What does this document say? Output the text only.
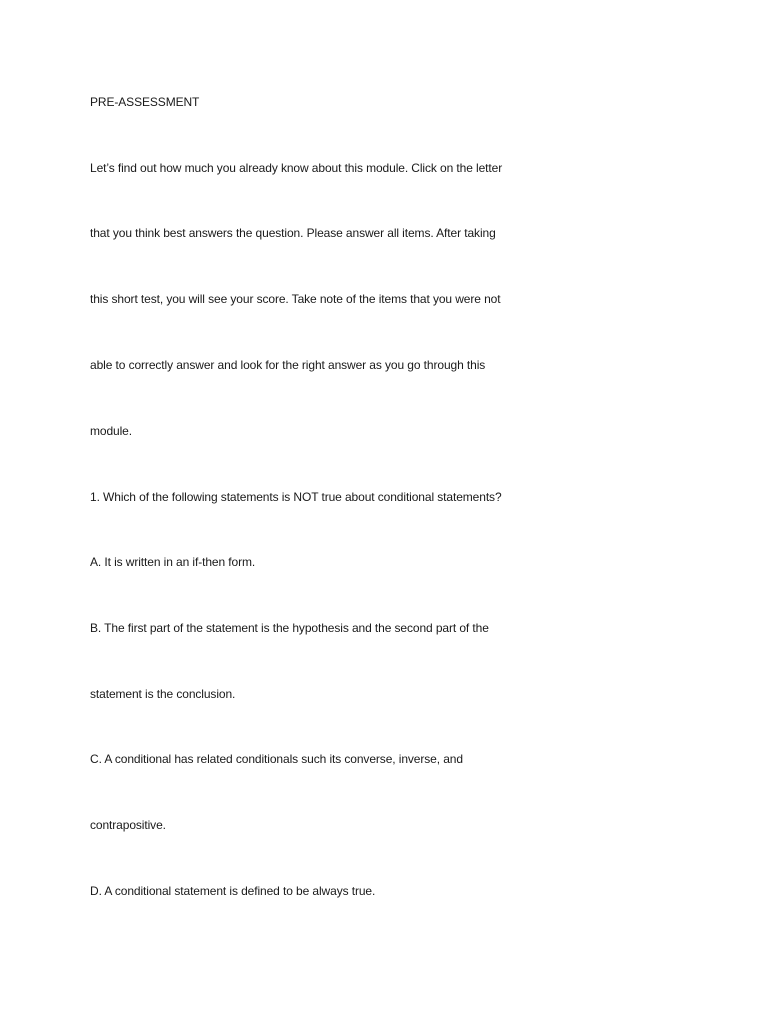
PRE-ASSESSMENT

Let’s find out how much you already know about this module. Click on the letter

that you think best answers the question. Please answer all items. After taking

this short test, you will see your score. Take note of the items that you were not

able to correctly answer and look for the right answer as you go through this

module.

1. Which of the following statements is NOT true about conditional statements?

A. It is written in an if-then form.

B. The first part of the statement is the hypothesis and the second part of the

statement is the conclusion.

C. A conditional has related conditionals such its converse, inverse, and

contrapositive.

D. A conditional statement is defined to be always true.
